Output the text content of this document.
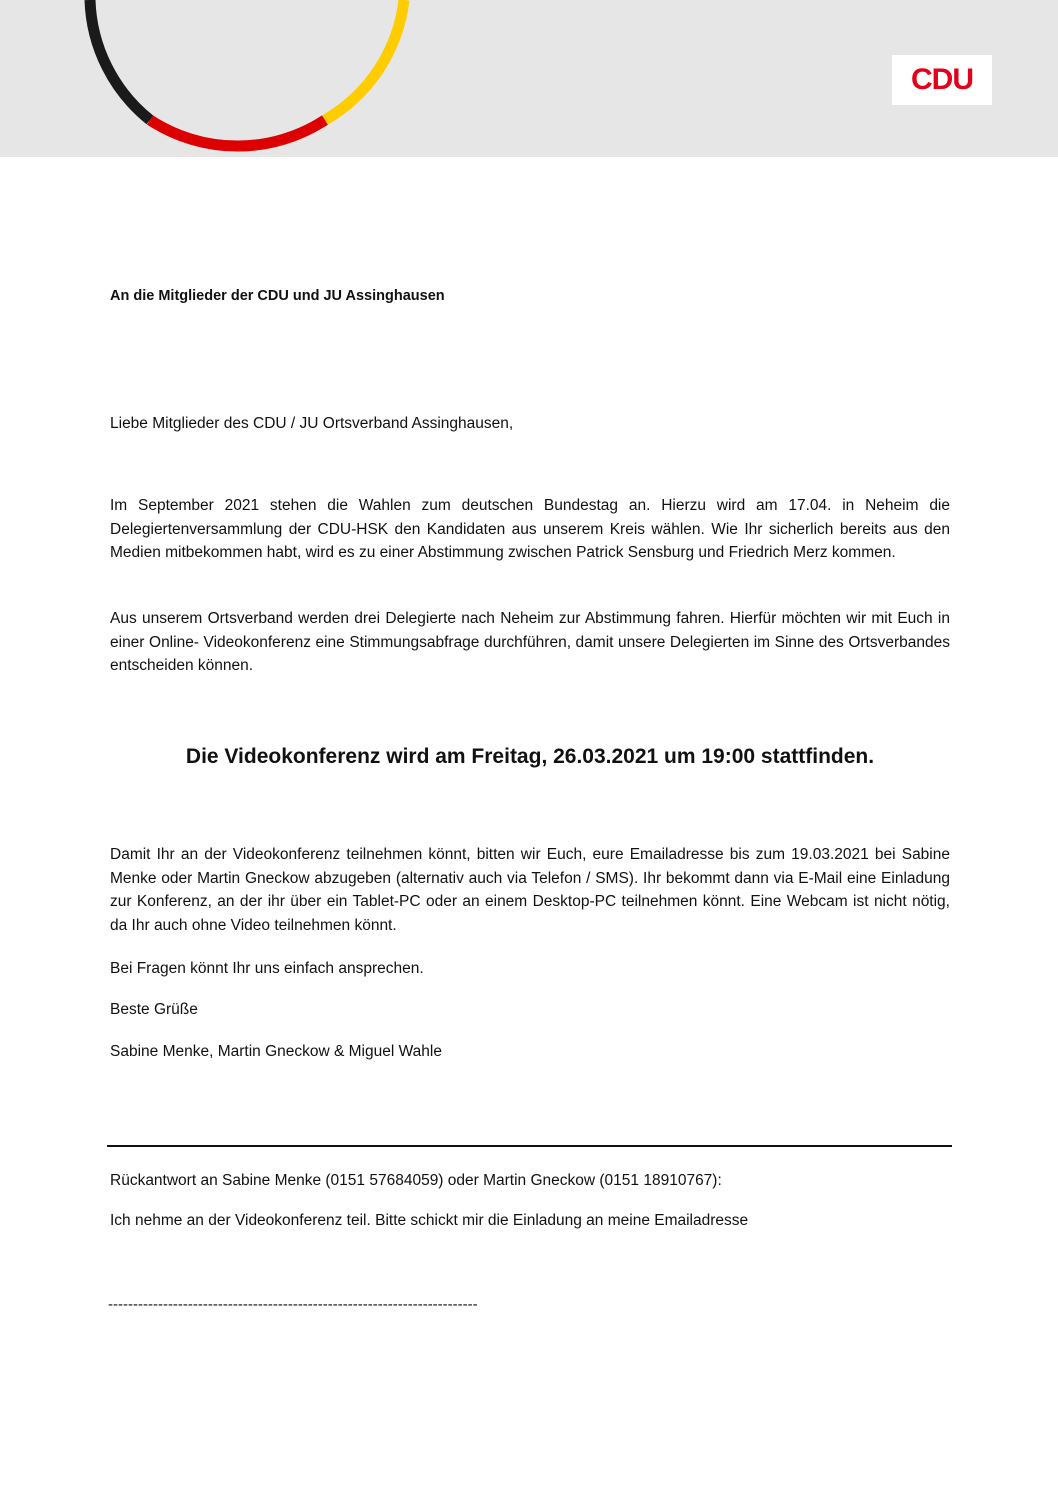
CDU

An die Mitglieder der CDU und JU Assinghausen

Liebe Mitglieder des CDU / JU Ortsverband Assinghausen,

Im September 2021 stehen die Wahlen zum deutschen Bundestag an. Hierzu wird am 17.04. in Neheim die Delegiertenversammlung der CDU-HSK den Kandidaten aus unserem Kreis wählen. Wie Ihr sicherlich bereits aus den Medien mitbekommen habt, wird es zu einer Abstimmung zwischen Patrick Sensburg und Friedrich Merz kommen.

Aus unserem Ortsverband werden drei Delegierte nach Neheim zur Abstimmung fahren. Hierfür möchten wir mit Euch in einer Online- Videokonferenz eine Stimmungsabfrage durchführen, damit unsere Delegierten im Sinne des Ortsverbandes entscheiden können.

Die Videokonferenz wird am Freitag, 26.03.2021 um 19:00 stattfinden.

Damit Ihr an der Videokonferenz teilnehmen könnt, bitten wir Euch, eure Emailadresse bis zum 19.03.2021 bei Sabine Menke oder Martin Gneckow abzugeben (alternativ auch via Telefon / SMS). Ihr bekommt dann via E-Mail eine Einladung zur Konferenz, an der ihr über ein Tablet-PC oder an einem Desktop-PC teilnehmen könnt. Eine Webcam ist nicht nötig, da Ihr auch ohne Video teilnehmen könnt.

Bei Fragen könnt Ihr uns einfach ansprechen.

Beste Grüße

Sabine Menke, Martin Gneckow & Miguel Wahle

Rückantwort an Sabine Menke (0151 57684059) oder Martin Gneckow (0151 18910767):

Ich nehme an der Videokonferenz teil. Bitte schickt mir die Einladung an meine Emailadresse

--------------------------------------------------------------------------
